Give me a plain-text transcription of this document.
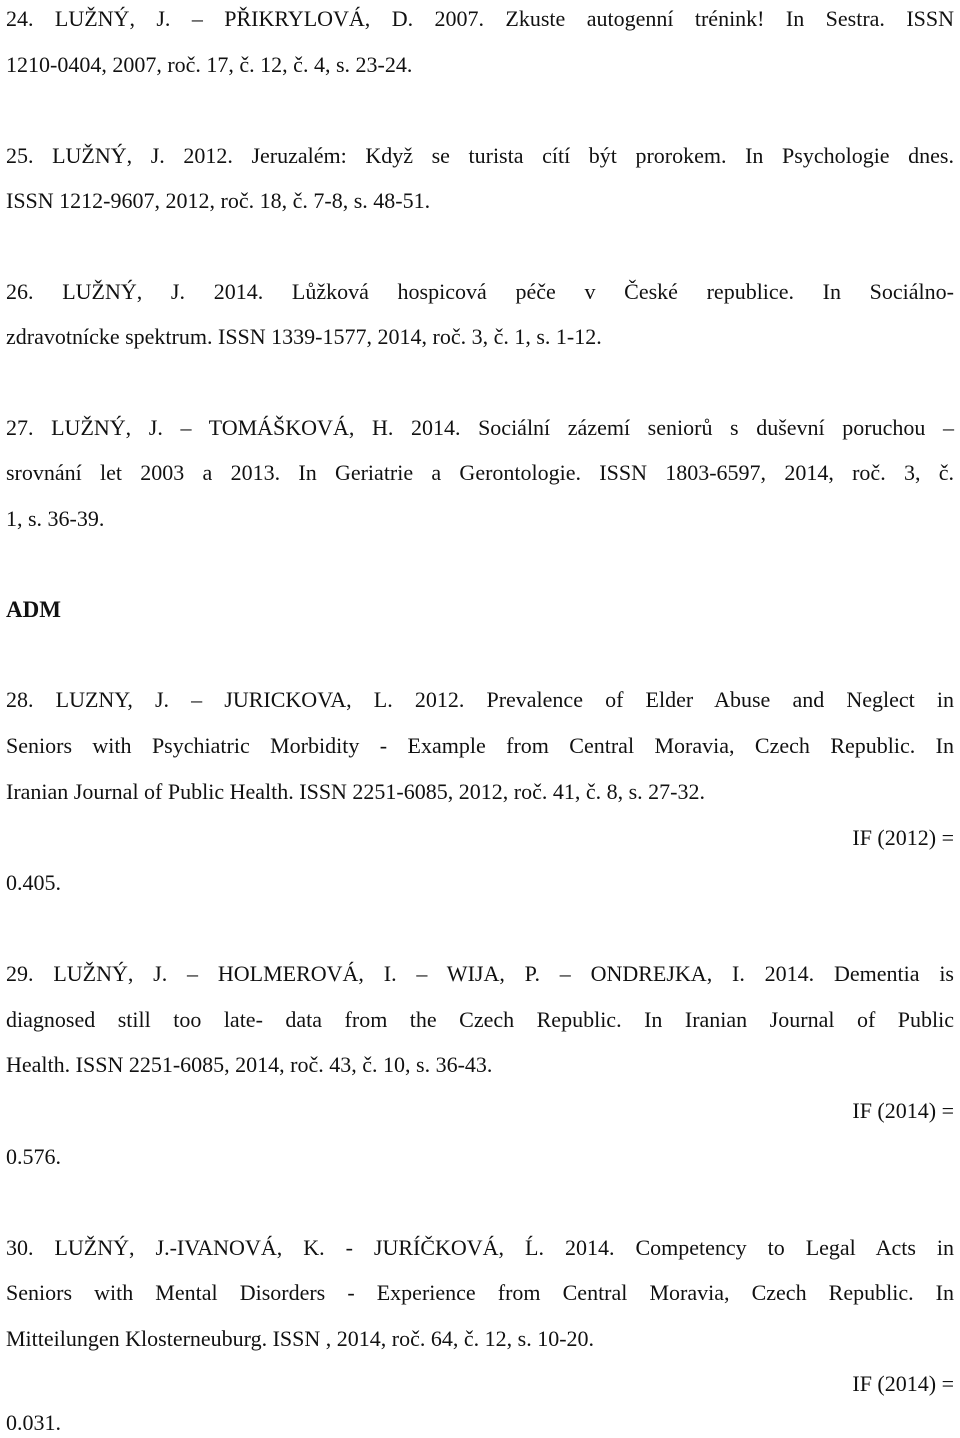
24. LUŽNÝ, J. – PŘIKRYLOVÁ, D. 2007. Zkuste autogenní trénink! In Sestra. ISSN
1210-0404, 2007, roč. 17, č. 12, č. 4, s. 23-24.
25. LUŽNÝ, J. 2012. Jeruzalém: Když se turista cítí být prorokem. In Psychologie dnes.
ISSN 1212-9607, 2012, roč. 18, č. 7-8, s. 48-51.
26. LUŽNÝ, J. 2014. Lůžková hospicová péče v České republice. In Sociálno-
zdravotnícke spektrum. ISSN 1339-1577, 2014, roč. 3, č. 1, s. 1-12.
27. LUŽNÝ, J. – TOMÁŠKOVÁ, H. 2014. Sociální zázemí seniorů s duševní poruchou –
srovnání let 2003 a 2013. In Geriatrie a Gerontologie. ISSN 1803-6597, 2014, roč. 3, č.
1, s. 36-39.
ADM
28. LUZNY, J. – JURICKOVA, L. 2012. Prevalence of Elder Abuse and Neglect in
Seniors with Psychiatric Morbidity - Example from Central Moravia, Czech Republic. In
Iranian Journal of Public Health. ISSN 2251-6085, 2012, roč. 41, č. 8, s. 27-32.
IF (2012) =
0.405.
29. LUŽNÝ, J. – HOLMEROVÁ, I. – WIJA, P. – ONDREJKA, I. 2014. Dementia is
diagnosed still too late- data from the Czech Republic. In Iranian Journal of Public
Health. ISSN 2251-6085, 2014, roč. 43, č. 10, s. 36-43.
IF (2014) =
0.576.
30. LUŽNÝ, J.-IVANOVÁ, K. - JURÍČKOVÁ, Ĺ. 2014. Competency to Legal Acts in
Seniors with Mental Disorders - Experience from Central Moravia, Czech Republic. In
Mitteilungen Klosterneuburg. ISSN , 2014, roč. 64, č. 12, s. 10-20.
IF (2014) =
0.031.
